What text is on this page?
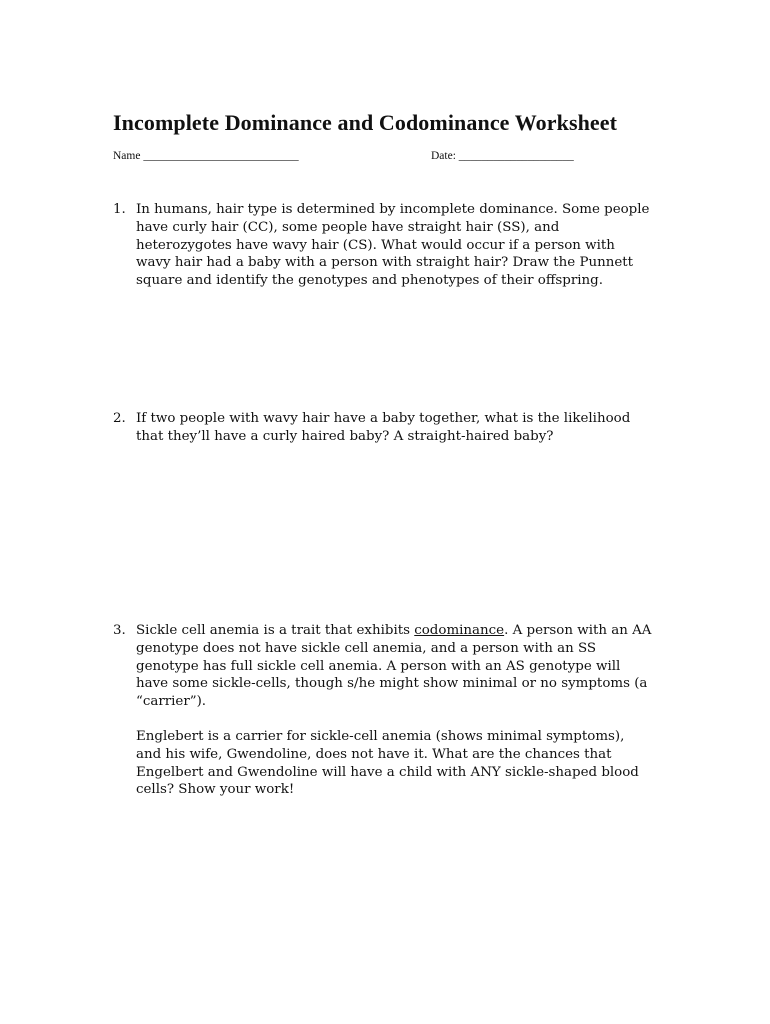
Incomplete Dominance and Codominance Worksheet
Name ___________________________	Date: ____________________
1. In humans, hair type is determined by incomplete dominance. Some people have curly hair (CC), some people have straight hair (SS), and heterozygotes have wavy hair (CS). What would occur if a person with wavy hair had a baby with a person with straight hair? Draw the Punnett square and identify the genotypes and phenotypes of their offspring.

2. If two people with wavy hair have a baby together, what is the likelihood that they’ll have a curly haired baby? A straight-haired baby?

3. Sickle cell anemia is a trait that exhibits codominance. A person with an AA genotype does not have sickle cell anemia, and a person with an SS genotype has full sickle cell anemia. A person with an AS genotype will have some sickle-cells, though s/he might show minimal or no symptoms (a “carrier”).

Englebert is a carrier for sickle-cell anemia (shows minimal symptoms), and his wife, Gwendoline, does not have it. What are the chances that Engelbert and Gwendoline will have a child with ANY sickle-shaped blood cells? Show your work!
